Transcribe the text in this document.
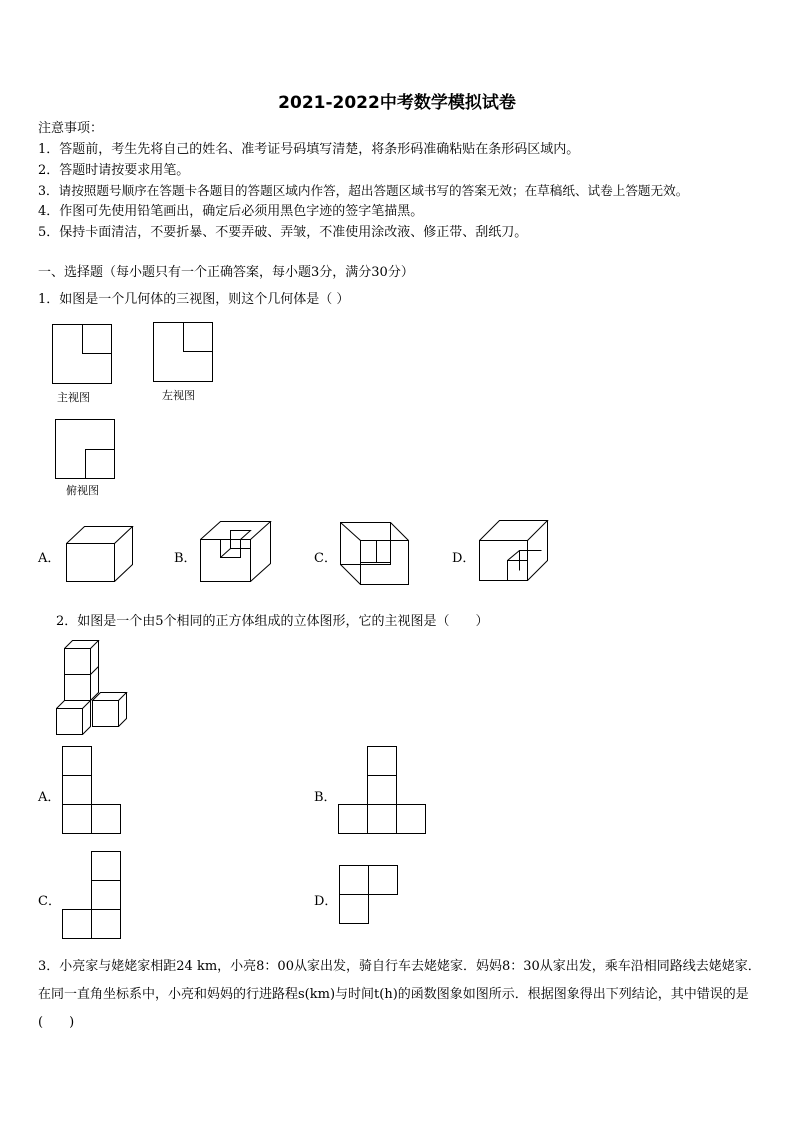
2021-2022中考数学模拟试卷
注意事项：
1．答题前，考生先将自己的姓名、准考证号码填写清楚，将条形码准确粘贴在条形码区域内。
2．答题时请按要求用笔。
3．请按照题号顺序在答题卡各题目的答题区域内作答，超出答题区域书写的答案无效；在草稿纸、试卷上答题无效。
4．作图可先使用铅笔画出，确定后必须用黑色字迹的签字笔描黑。
5．保持卡面清洁，不要折暴、不要弄破、弄皱，不准使用涂改液、修正带、刮纸刀。
一、选择题（每小题只有一个正确答案，每小题3分，满分30分）
1．如图是一个几何体的三视图，则这个几何体是（ ）
主视图	左视图
俯视图
A．	B．	C．	D．
2．如图是一个由5个相同的正方体组成的立体图形，它的主视图是（　　）
A．	B．
C．	D．
3．小亮家与姥姥家相距24 km，小亮8：00从家出发，骑自行车去姥姥家．妈妈8：30从家出发，乘车沿相同路线去姥姥家．在同一直角坐标系中，小亮和妈妈的行进路程s(km)与时间t(h)的函数图象如图所示．根据图象得出下列结论，其中错误的是(　　)
